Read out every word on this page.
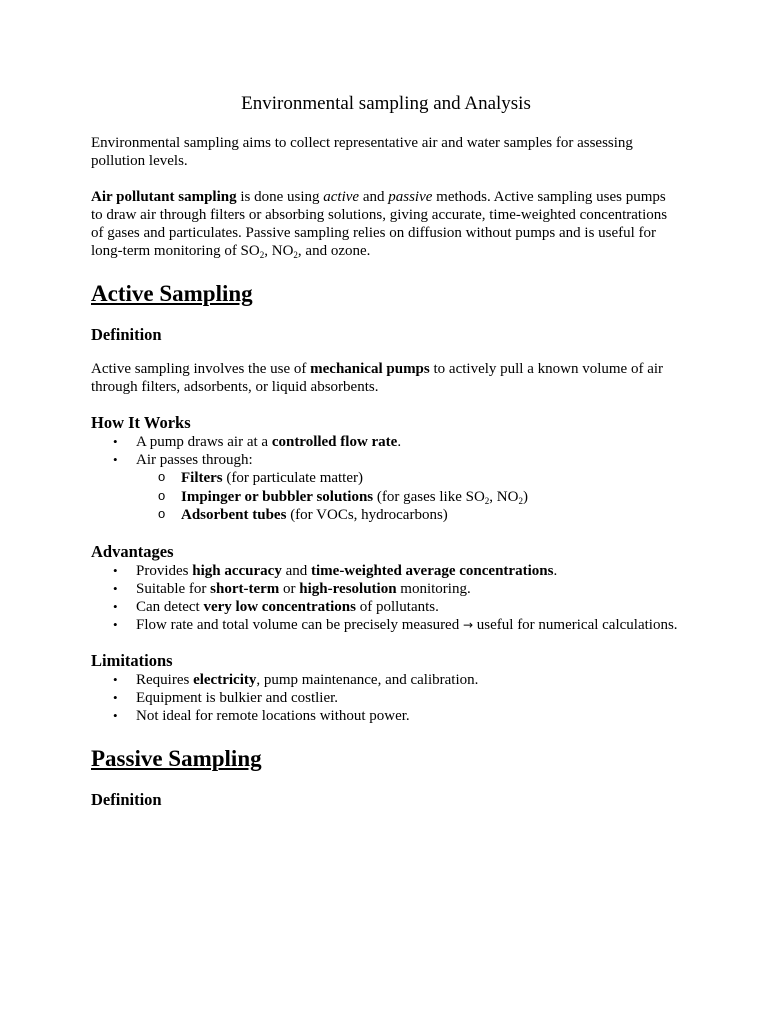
Environmental sampling and Analysis

Environmental sampling aims to collect representative air and water samples for assessing pollution levels.

Air pollutant sampling is done using active and passive methods. Active sampling uses pumps to draw air through filters or absorbing solutions, giving accurate, time-weighted concentrations of gases and particulates. Passive sampling relies on diffusion without pumps and is useful for long-term monitoring of $SO_2$, $NO_2$, and ozone.

Active Sampling
Definition

Active sampling involves the use of mechanical pumps to actively pull a known volume of air through filters, adsorbents, or liquid absorbents.

How It Works
• A pump draws air at a controlled flow rate.
• Air passes through:
o Filters (for particulate matter)
o Impinger or bubbler solutions (for gases like $SO_2$, $NO_2$)
o Adsorbent tubes (for VOCs, hydrocarbons)
Advantages
• Provides high accuracy and time-weighted average concentrations.
• Suitable for short-term or high-resolution monitoring.
• Can detect very low concentrations of pollutants.
• Flow rate and total volume can be precisely measured → useful for numerical calculations.
Limitations
• Requires electricity, pump maintenance, and calibration.
• Equipment is bulkier and costlier.
• Not ideal for remote locations without power.
Passive Sampling
Definition
